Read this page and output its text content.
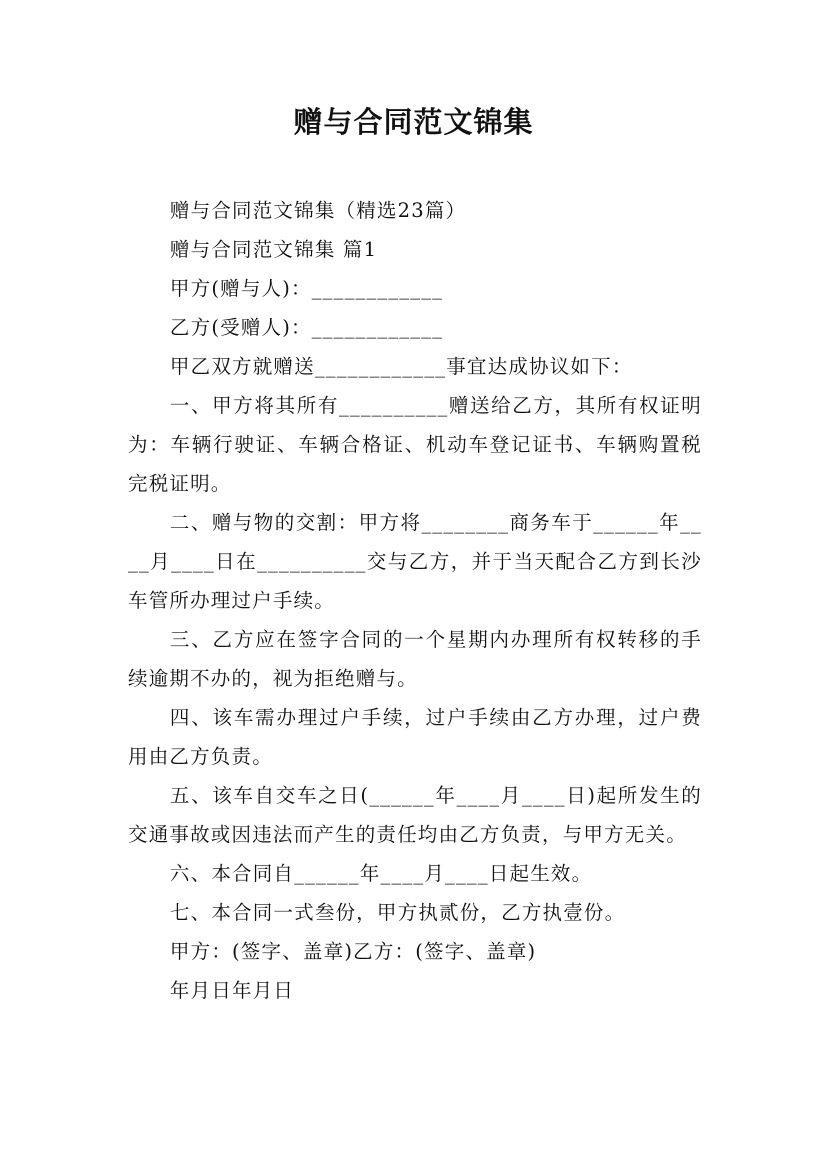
赠与合同范文锦集

赠与合同范文锦集（精选23篇）

赠与合同范文锦集 篇1

甲方(赠与人)：____________

乙方(受赠人)：____________

甲乙双方就赠送____________事宜达成协议如下：

一、甲方将其所有__________赠送给乙方，其所有权证明为：车辆行驶证、车辆合格证、机动车登记证书、车辆购置税完税证明。

二、赠与物的交割：甲方将________商务车于______年____月____日在__________交与乙方，并于当天配合乙方到长沙车管所办理过户手续。

三、乙方应在签字合同的一个星期内办理所有权转移的手续逾期不办的，视为拒绝赠与。

四、该车需办理过户手续，过户手续由乙方办理，过户费用由乙方负责。

五、该车自交车之日(______年____月____日)起所发生的交通事故或因违法而产生的责任均由乙方负责，与甲方无关。

六、本合同自______年____月____日起生效。

七、本合同一式叁份，甲方执贰份，乙方执壹份。

甲方：(签字、盖章)乙方：(签字、盖章)

年月日年月日
